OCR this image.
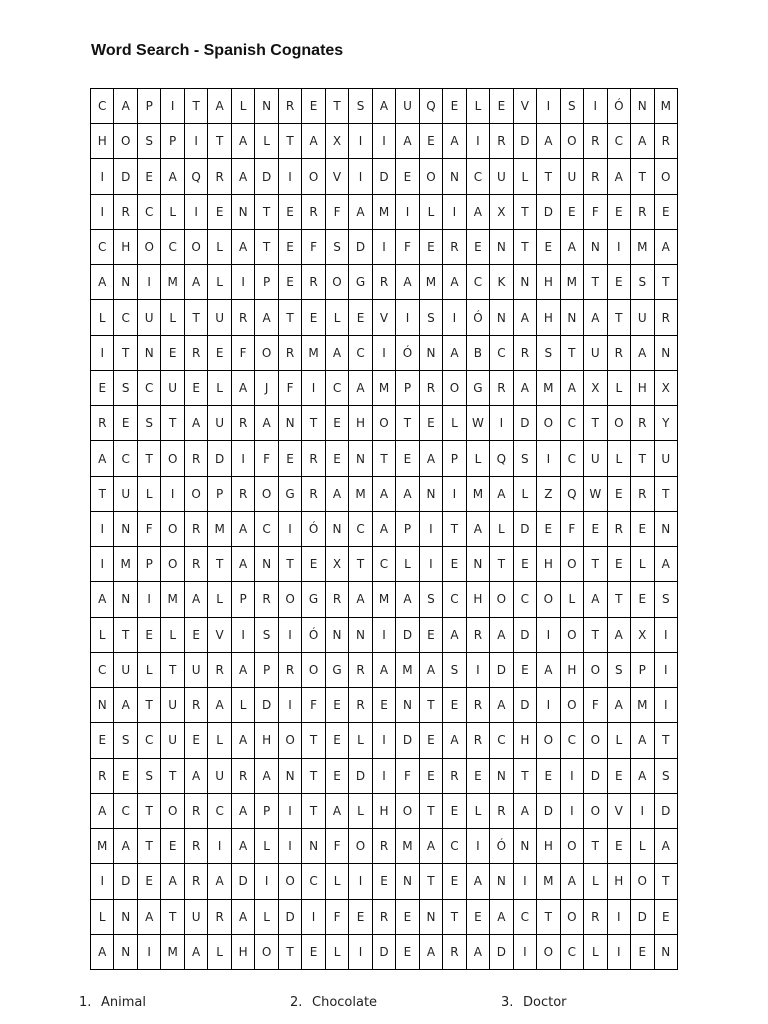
Word Search - Spanish Cognates
C	A	P	I	T	A	L	N	R	E	T	S	A	U	Q	E	L	E	V	I	S	I	Ó	N	M
H	O	S	P	I	T	A	L	T	A	X	I	I	A	E	A	I	R	D	A	O	R	C	A	R
I	D	E	A	Q	R	A	D	I	O	V	I	D	E	O	N	C	U	L	T	U	R	A	T	O
I	R	C	L	I	E	N	T	E	R	F	A	M	I	L	I	A	X	T	D	E	F	E	R	E
C	H	O	C	O	L	A	T	E	F	S	D	I	F	E	R	E	N	T	E	A	N	I	M	A
A	N	I	M	A	L	I	P	E	R	O	G	R	A	M	A	C	K	N	H	M	T	E	S	T
L	C	U	L	T	U	R	A	T	E	L	E	V	I	S	I	Ó	N	A	H	N	A	T	U	R
I	T	N	E	R	E	F	O	R	M	A	C	I	Ó	N	A	B	C	R	S	T	U	R	A	N
E	S	C	U	E	L	A	J	F	I	C	A	M	P	R	O	G	R	A	M	A	X	L	H	X
R	E	S	T	A	U	R	A	N	T	E	H	O	T	E	L	W	I	D	O	C	T	O	R	Y
A	C	T	O	R	D	I	F	E	R	E	N	T	E	A	P	L	Q	S	I	C	U	L	T	U
T	U	L	I	O	P	R	O	G	R	A	M	A	A	N	I	M	A	L	Z	Q	W	E	R	T
I	N	F	O	R	M	A	C	I	Ó	N	C	A	P	I	T	A	L	D	E	F	E	R	E	N
I	M	P	O	R	T	A	N	T	E	X	T	C	L	I	E	N	T	E	H	O	T	E	L	A
A	N	I	M	A	L	P	R	O	G	R	A	M	A	S	C	H	O	C	O	L	A	T	E	S
L	T	E	L	E	V	I	S	I	Ó	N	N	I	D	E	A	R	A	D	I	O	T	A	X	I
C	U	L	T	U	R	A	P	R	O	G	R	A	M	A	S	I	D	E	A	H	O	S	P	I
N	A	T	U	R	A	L	D	I	F	E	R	E	N	T	E	R	A	D	I	O	F	A	M	I
E	S	C	U	E	L	A	H	O	T	E	L	I	D	E	A	R	C	H	O	C	O	L	A	T
R	E	S	T	A	U	R	A	N	T	E	D	I	F	E	R	E	N	T	E	I	D	E	A	S
A	C	T	O	R	C	A	P	I	T	A	L	H	O	T	E	L	R	A	D	I	O	V	I	D
M	A	T	E	R	I	A	L	I	N	F	O	R	M	A	C	I	Ó	N	H	O	T	E	L	A
I	D	E	A	R	A	D	I	O	C	L	I	E	N	T	E	A	N	I	M	A	L	H	O	T
L	N	A	T	U	R	A	L	D	I	F	E	R	E	N	T	E	A	C	T	O	R	I	D	E
A	N	I	M	A	L	H	O	T	E	L	I	D	E	A	R	A	D	I	O	C	L	I	E	N
1. Animal	2. Chocolate	3. Doctor
